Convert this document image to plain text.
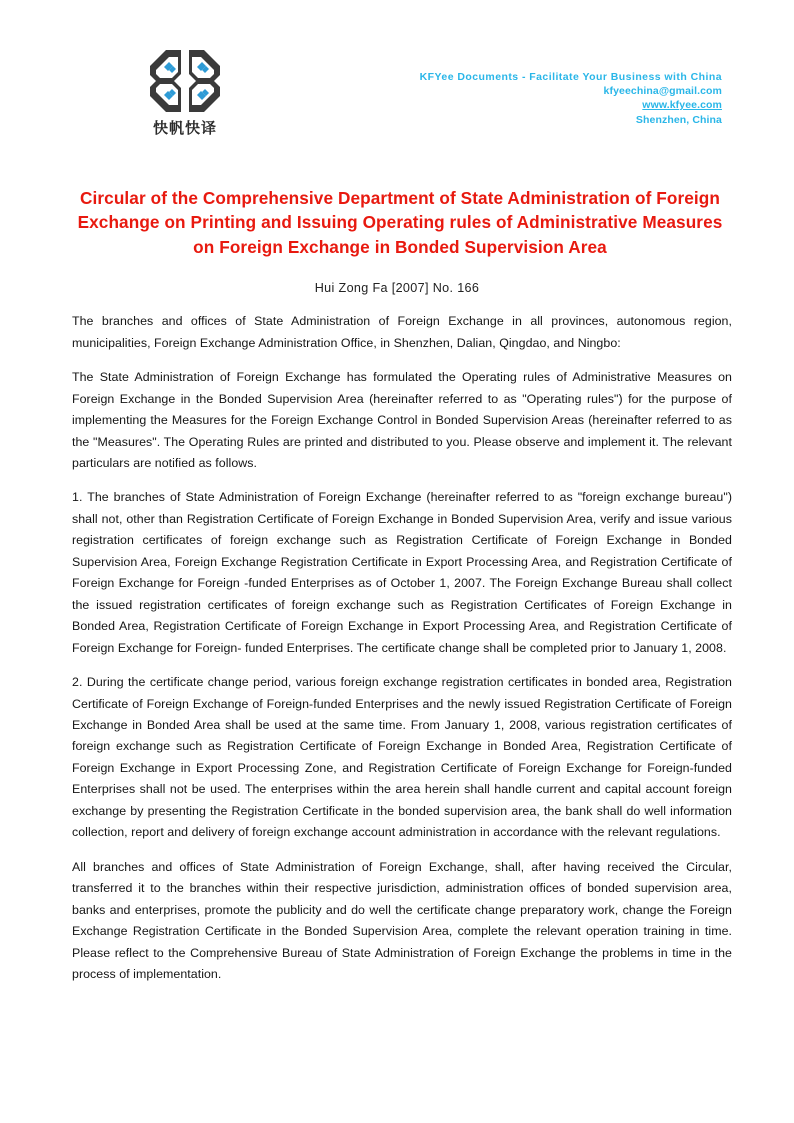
快帆快译
KFYee Documents - Facilitate Your Business with China
kfyeechina@gmail.com
www.kfyee.com
Shenzhen, China
Circular of the Comprehensive Department of State Administration of Foreign Exchange on Printing and Issuing Operating rules of Administrative Measures on Foreign Exchange in Bonded Supervision Area
Hui Zong Fa [2007] No. 166

The branches and offices of State Administration of Foreign Exchange in all provinces, autonomous region, municipalities, Foreign Exchange Administration Office, in Shenzhen, Dalian, Qingdao, and Ningbo:

The State Administration of Foreign Exchange has formulated the Operating rules of Administrative Measures on Foreign Exchange in the Bonded Supervision Area (hereinafter referred to as "Operating rules") for the purpose of implementing the Measures for the Foreign Exchange Control in Bonded Supervision Areas (hereinafter referred to as the "Measures". The Operating Rules are printed and distributed to you. Please observe and implement it. The relevant particulars are notified as follows.

1. The branches of State Administration of Foreign Exchange (hereinafter referred to as "foreign exchange bureau") shall not, other than Registration Certificate of Foreign Exchange in Bonded Supervision Area, verify and issue various registration certificates of foreign exchange such as Registration Certificate of Foreign Exchange in Bonded Supervision Area, Foreign Exchange Registration Certificate in Export Processing Area, and Registration Certificate of Foreign Exchange for Foreign -funded Enterprises as of October 1, 2007. The Foreign Exchange Bureau shall collect the issued registration certificates of foreign exchange such as Registration Certificates of Foreign Exchange in Bonded Area, Registration Certificate of Foreign Exchange in Export Processing Area, and Registration Certificate of Foreign Exchange for Foreign- funded Enterprises. The certificate change shall be completed prior to January 1, 2008.

2. During the certificate change period, various foreign exchange registration certificates in bonded area, Registration Certificate of Foreign Exchange of Foreign-funded Enterprises and the newly issued Registration Certificate of Foreign Exchange in Bonded Area shall be used at the same time. From January 1, 2008, various registration certificates of foreign exchange such as Registration Certificate of Foreign Exchange in Bonded Area, Registration Certificate of Foreign Exchange in Export Processing Zone, and Registration Certificate of Foreign Exchange for Foreign-funded Enterprises shall not be used. The enterprises within the area herein shall handle current and capital account foreign exchange by presenting the Registration Certificate in the bonded supervision area, the bank shall do well information collection, report and delivery of foreign exchange account administration in accordance with the relevant regulations.

All branches and offices of State Administration of Foreign Exchange, shall, after having received the Circular, transferred it to the branches within their respective jurisdiction, administration offices of bonded supervision area, banks and enterprises, promote the publicity and do well the certificate change preparatory work, change the Foreign Exchange Registration Certificate in the Bonded Supervision Area, complete the relevant operation training in time. Please reflect to the Comprehensive Bureau of State Administration of Foreign Exchange the problems in time in the process of implementation.
